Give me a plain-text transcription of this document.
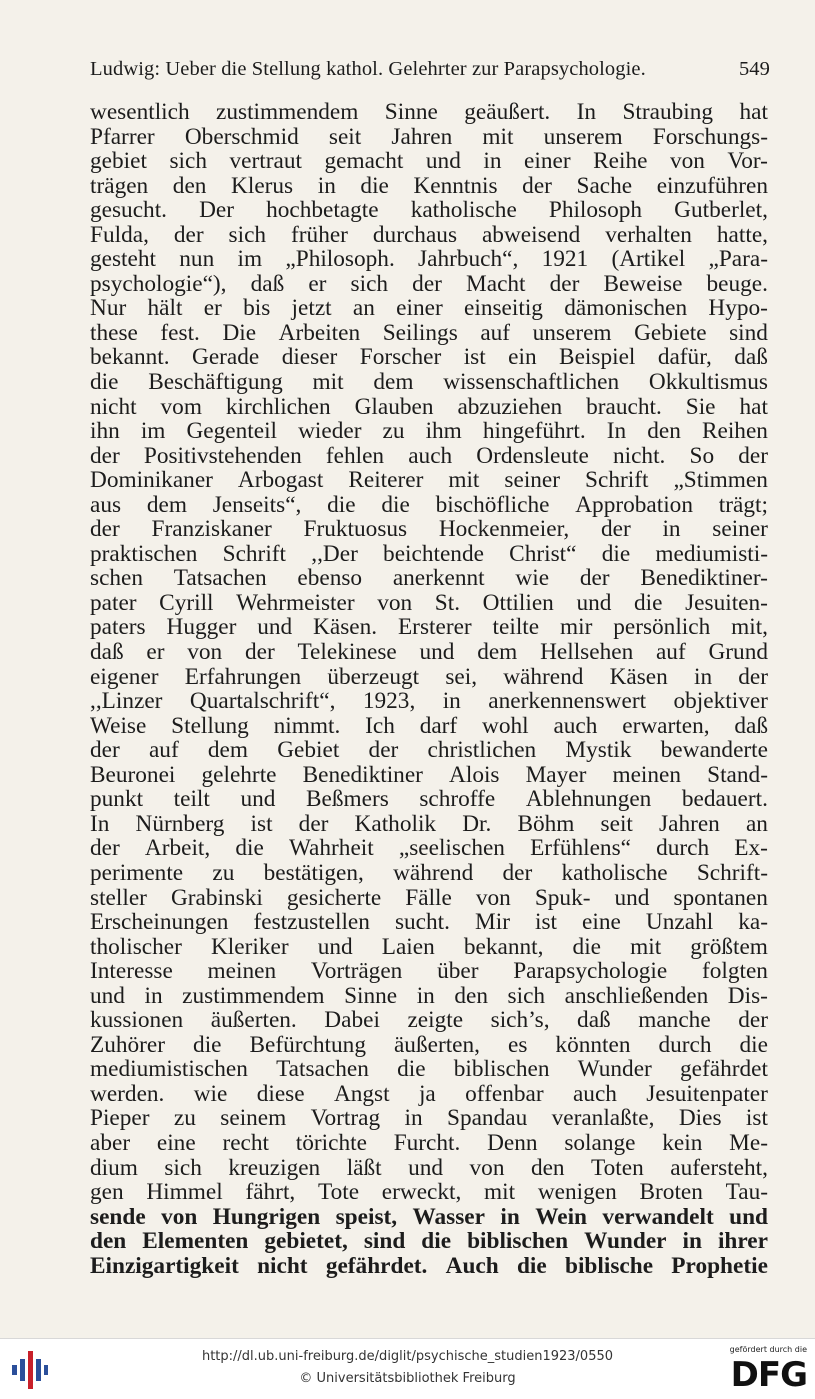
Ludwig: Ueber die Stellung kathol. Gelehrter zur Parapsychologie.	549
wesentlich zustimmendem Sinne geäußert. In Straubing hat
Pfarrer Oberschmid seit Jahren mit unserem Forschungs-
gebiet sich vertraut gemacht und in einer Reihe von Vor-
trägen den Klerus in die Kenntnis der Sache einzuführen
gesucht. Der hochbetagte katholische Philosoph Gutberlet,
Fulda, der sich früher durchaus abweisend verhalten hatte,
gesteht nun im „Philosoph. Jahrbuch“, 1921 (Artikel „Para-
psychologie“), daß er sich der Macht der Beweise beuge.
Nur hält er bis jetzt an einer einseitig dämonischen Hypo-
these fest. Die Arbeiten Seilings auf unserem Gebiete sind
bekannt. Gerade dieser Forscher ist ein Beispiel dafür, daß
die Beschäftigung mit dem wissenschaftlichen Okkultismus
nicht vom kirchlichen Glauben abzuziehen braucht. Sie hat
ihn im Gegenteil wieder zu ihm hingeführt. In den Reihen
der Positivstehenden fehlen auch Ordensleute nicht. So der
Dominikaner Arbogast Reiterer mit seiner Schrift „Stimmen
aus dem Jenseits“, die die bischöfliche Approbation trägt;
der Franziskaner Fruktuosus Hockenmeier, der in seiner
praktischen Schrift ,,Der beichtende Christ“ die mediumisti-
schen Tatsachen ebenso anerkennt wie der Benediktiner-
pater Cyrill Wehrmeister von St. Ottilien und die Jesuiten-
paters Hugger und Käsen. Ersterer teilte mir persönlich mit,
daß er von der Telekinese und dem Hellsehen auf Grund
eigener Erfahrungen überzeugt sei, während Käsen in der
,,Linzer Quartalschrift“, 1923, in anerkennenswert objektiver
Weise Stellung nimmt. Ich darf wohl auch erwarten, daß
der auf dem Gebiet der christlichen Mystik bewanderte
Beuronei gelehrte Benediktiner Alois Mayer meinen Stand-
punkt teilt und Beßmers schroffe Ablehnungen bedauert.
In Nürnberg ist der Katholik Dr. Böhm seit Jahren an
der Arbeit, die Wahrheit „seelischen Erfühlens“ durch Ex-
perimente zu bestätigen, während der katholische Schrift-
steller Grabinski gesicherte Fälle von Spuk- und spontanen
Erscheinungen festzustellen sucht. Mir ist eine Unzahl ka-
tholischer Kleriker und Laien bekannt, die mit größtem
Interesse meinen Vorträgen über Parapsychologie folgten
und in zustimmendem Sinne in den sich anschließenden Dis-
kussionen äußerten. Dabei zeigte sich’s, daß manche der
Zuhörer die Befürchtung äußerten, es könnten durch die
mediumistischen Tatsachen die biblischen Wunder gefährdet
werden. wie diese Angst ja offenbar auch Jesuitenpater
Pieper zu seinem Vortrag in Spandau veranlaßte, Dies ist
aber eine recht törichte Furcht. Denn solange kein Me-
dium sich kreuzigen läßt und von den Toten aufersteht,
gen Himmel fährt, Tote erweckt, mit wenigen Broten Tau-
sende von Hungrigen speist, Wasser in Wein verwandelt und
den Elementen gebietet, sind die biblischen Wunder in ihrer
Einzigartigkeit nicht gefährdet. Auch die biblische Prophetie
http://dl.ub.uni-freiburg.de/diglit/psychische_studien1923/0550
© Universitätsbibliothek Freiburg
gefördert durch die
DFG
